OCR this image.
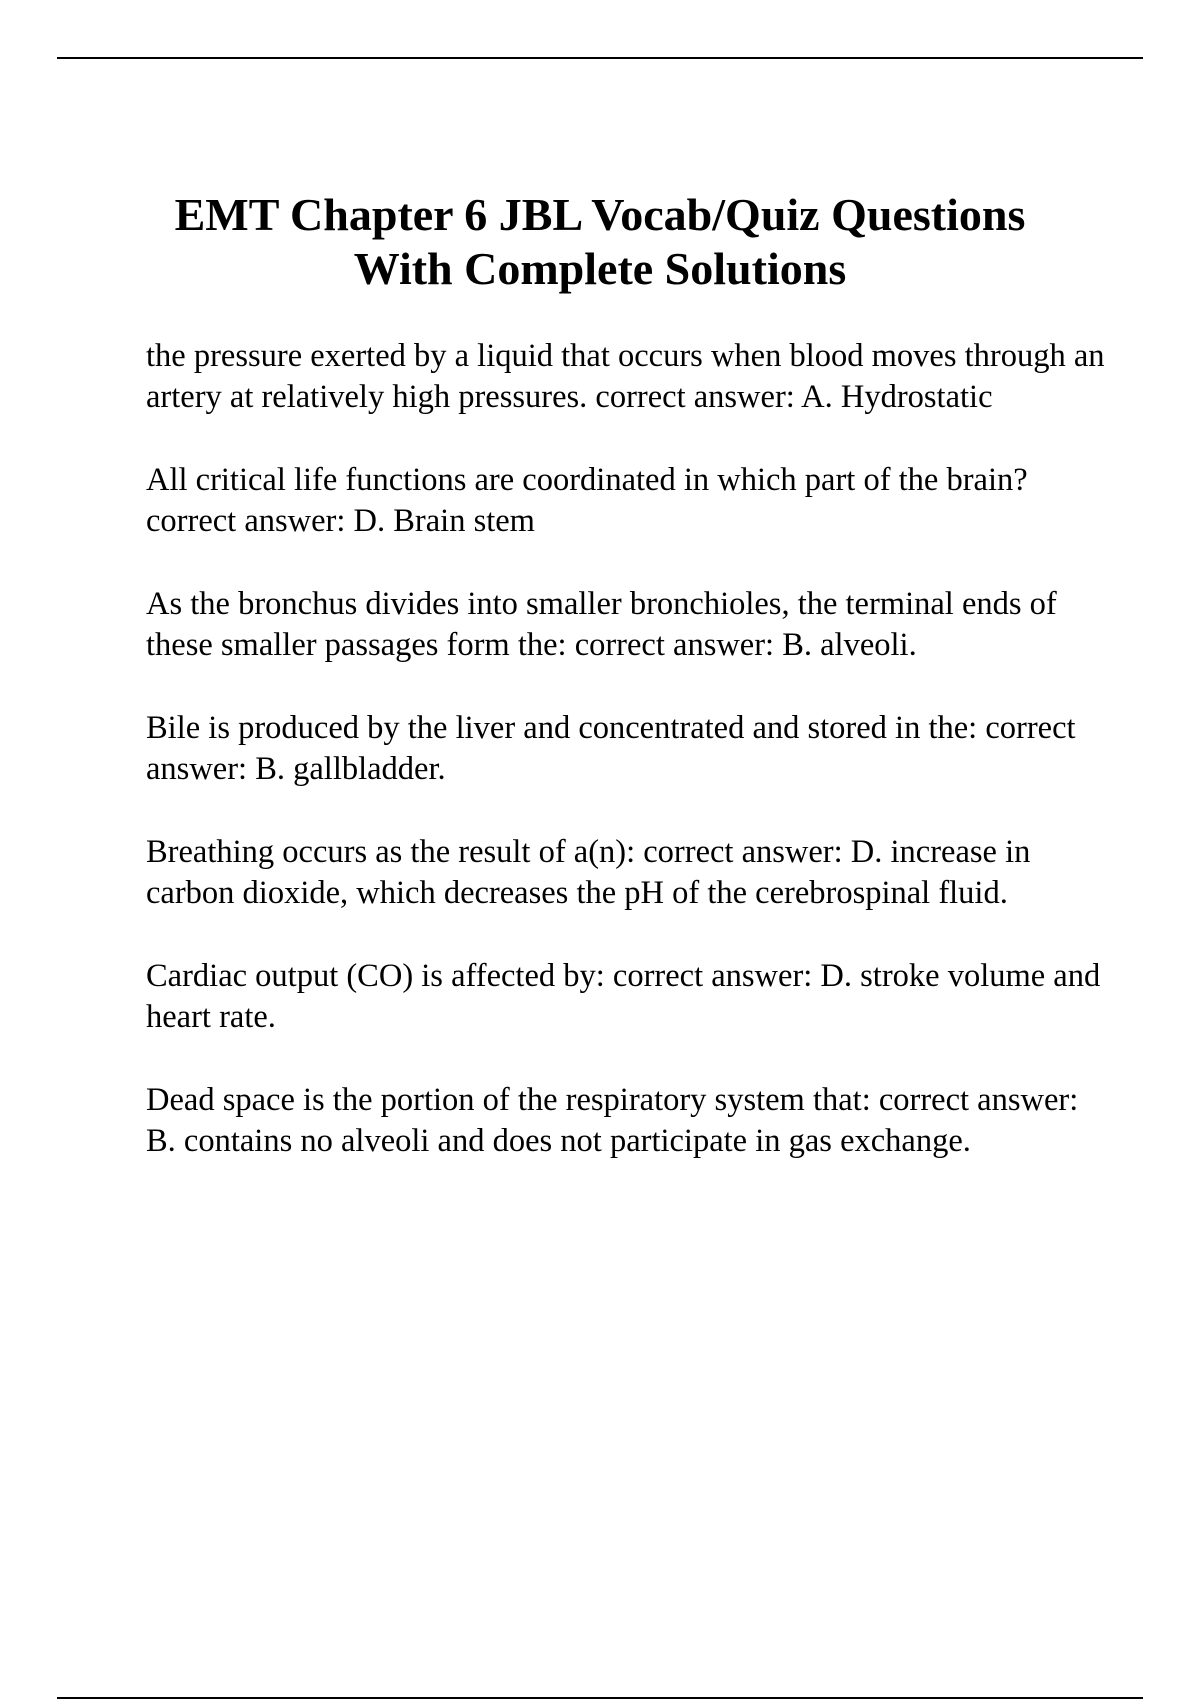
EMT Chapter 6 JBL Vocab/Quiz Questions
With Complete Solutions
the pressure exerted by a liquid that occurs when blood moves through an artery at relatively high pressures. correct answer: A. Hydrostatic
All critical life functions are coordinated in which part of the brain? correct answer: D. Brain stem
As the bronchus divides into smaller bronchioles, the terminal ends of these smaller passages form the: correct answer: B. alveoli.
Bile is produced by the liver and concentrated and stored in the: correct answer: B. gallbladder.
Breathing occurs as the result of a(n): correct answer: D. increase in carbon dioxide, which decreases the pH of the cerebrospinal fluid.
Cardiac output (CO) is affected by: correct answer: D. stroke volume and heart rate.
Dead space is the portion of the respiratory system that: correct answer: B. contains no alveoli and does not participate in gas exchange.
